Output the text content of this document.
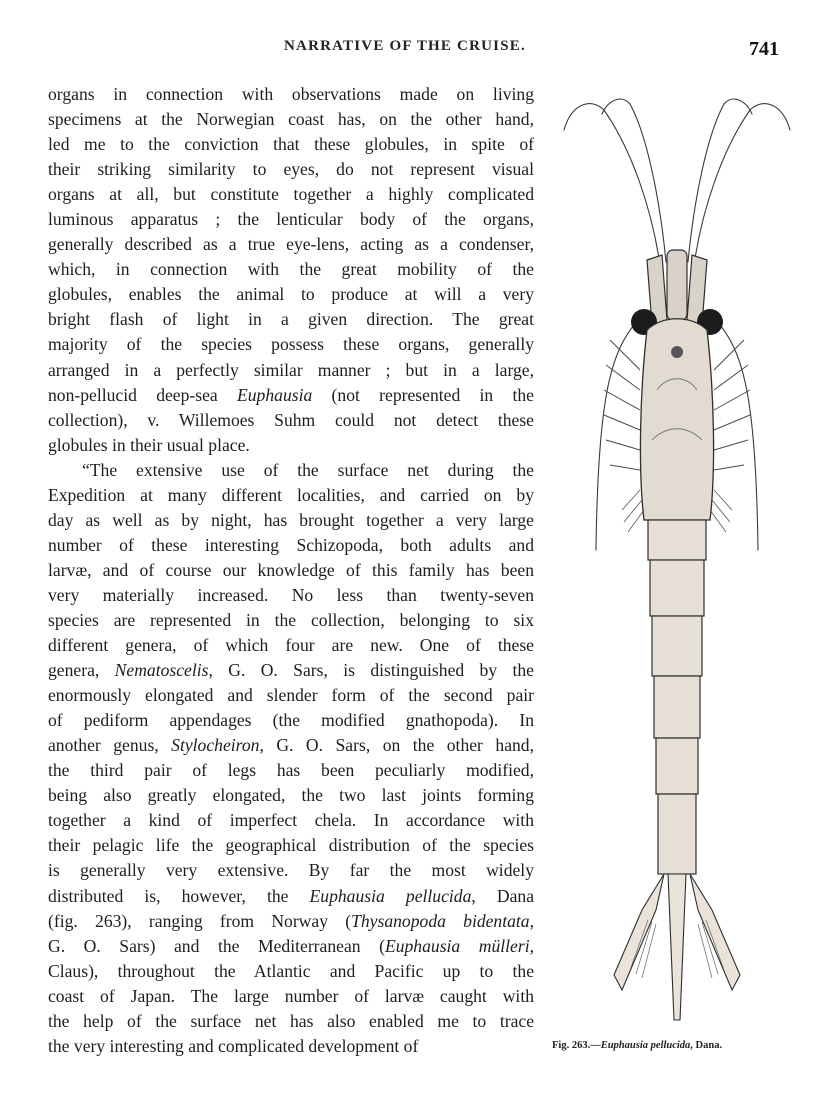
NARRATIVE OF THE CRUISE.	741
organs in connection with observations made on living
specimens at the Norwegian coast has, on the other hand,
led me to the conviction that these globules, in spite of
their striking similarity to eyes, do not represent visual
organs at all, but constitute together a highly complicated
luminous apparatus ; the lenticular body of the organs,
generally described as a true eye-lens, acting as a condenser,
which, in connection with the great mobility of the
globules, enables the animal to produce at will a very
bright flash of light in a given direction. The great
majority of the species possess these organs, generally
arranged in a perfectly similar manner ; but in a large,
non-pellucid deep-sea Euphausia (not represented in the
collection), v. Willemoes Suhm could not detect these
globules in their usual place.
“The extensive use of the surface net during the
Expedition at many different localities, and carried on by
day as well as by night, has brought together a very large
number of these interesting Schizopoda, both adults and
larvæ, and of course our knowledge of this family has been
very materially increased. No less than twenty-seven
species are represented in the collection, belonging to six
different genera, of which four are new. One of these
genera, Nematoscelis, G. O. Sars, is distinguished by the
enormously elongated and slender form of the second pair
of pediform appendages (the modified gnathopoda). In
another genus, Stylocheiron, G. O. Sars, on the other hand,
the third pair of legs has been peculiarly modified,
being also greatly elongated, the two last joints forming
together a kind of imperfect chela. In accordance with
their pelagic life the geographical distribution of the species
is generally very extensive. By far the most widely
distributed is, however, the Euphausia pellucida, Dana
(fig. 263), ranging from Norway (Thysanopoda bidentata,
G. O. Sars) and the Mediterranean (Euphausia mülleri,
Claus), throughout the Atlantic and Pacific up to the
coast of Japan. The large number of larvæ caught with
the help of the surface net has also enabled me to trace
the very interesting and complicated development of	Fig. 263.—Euphausia pellucida, Dana.
